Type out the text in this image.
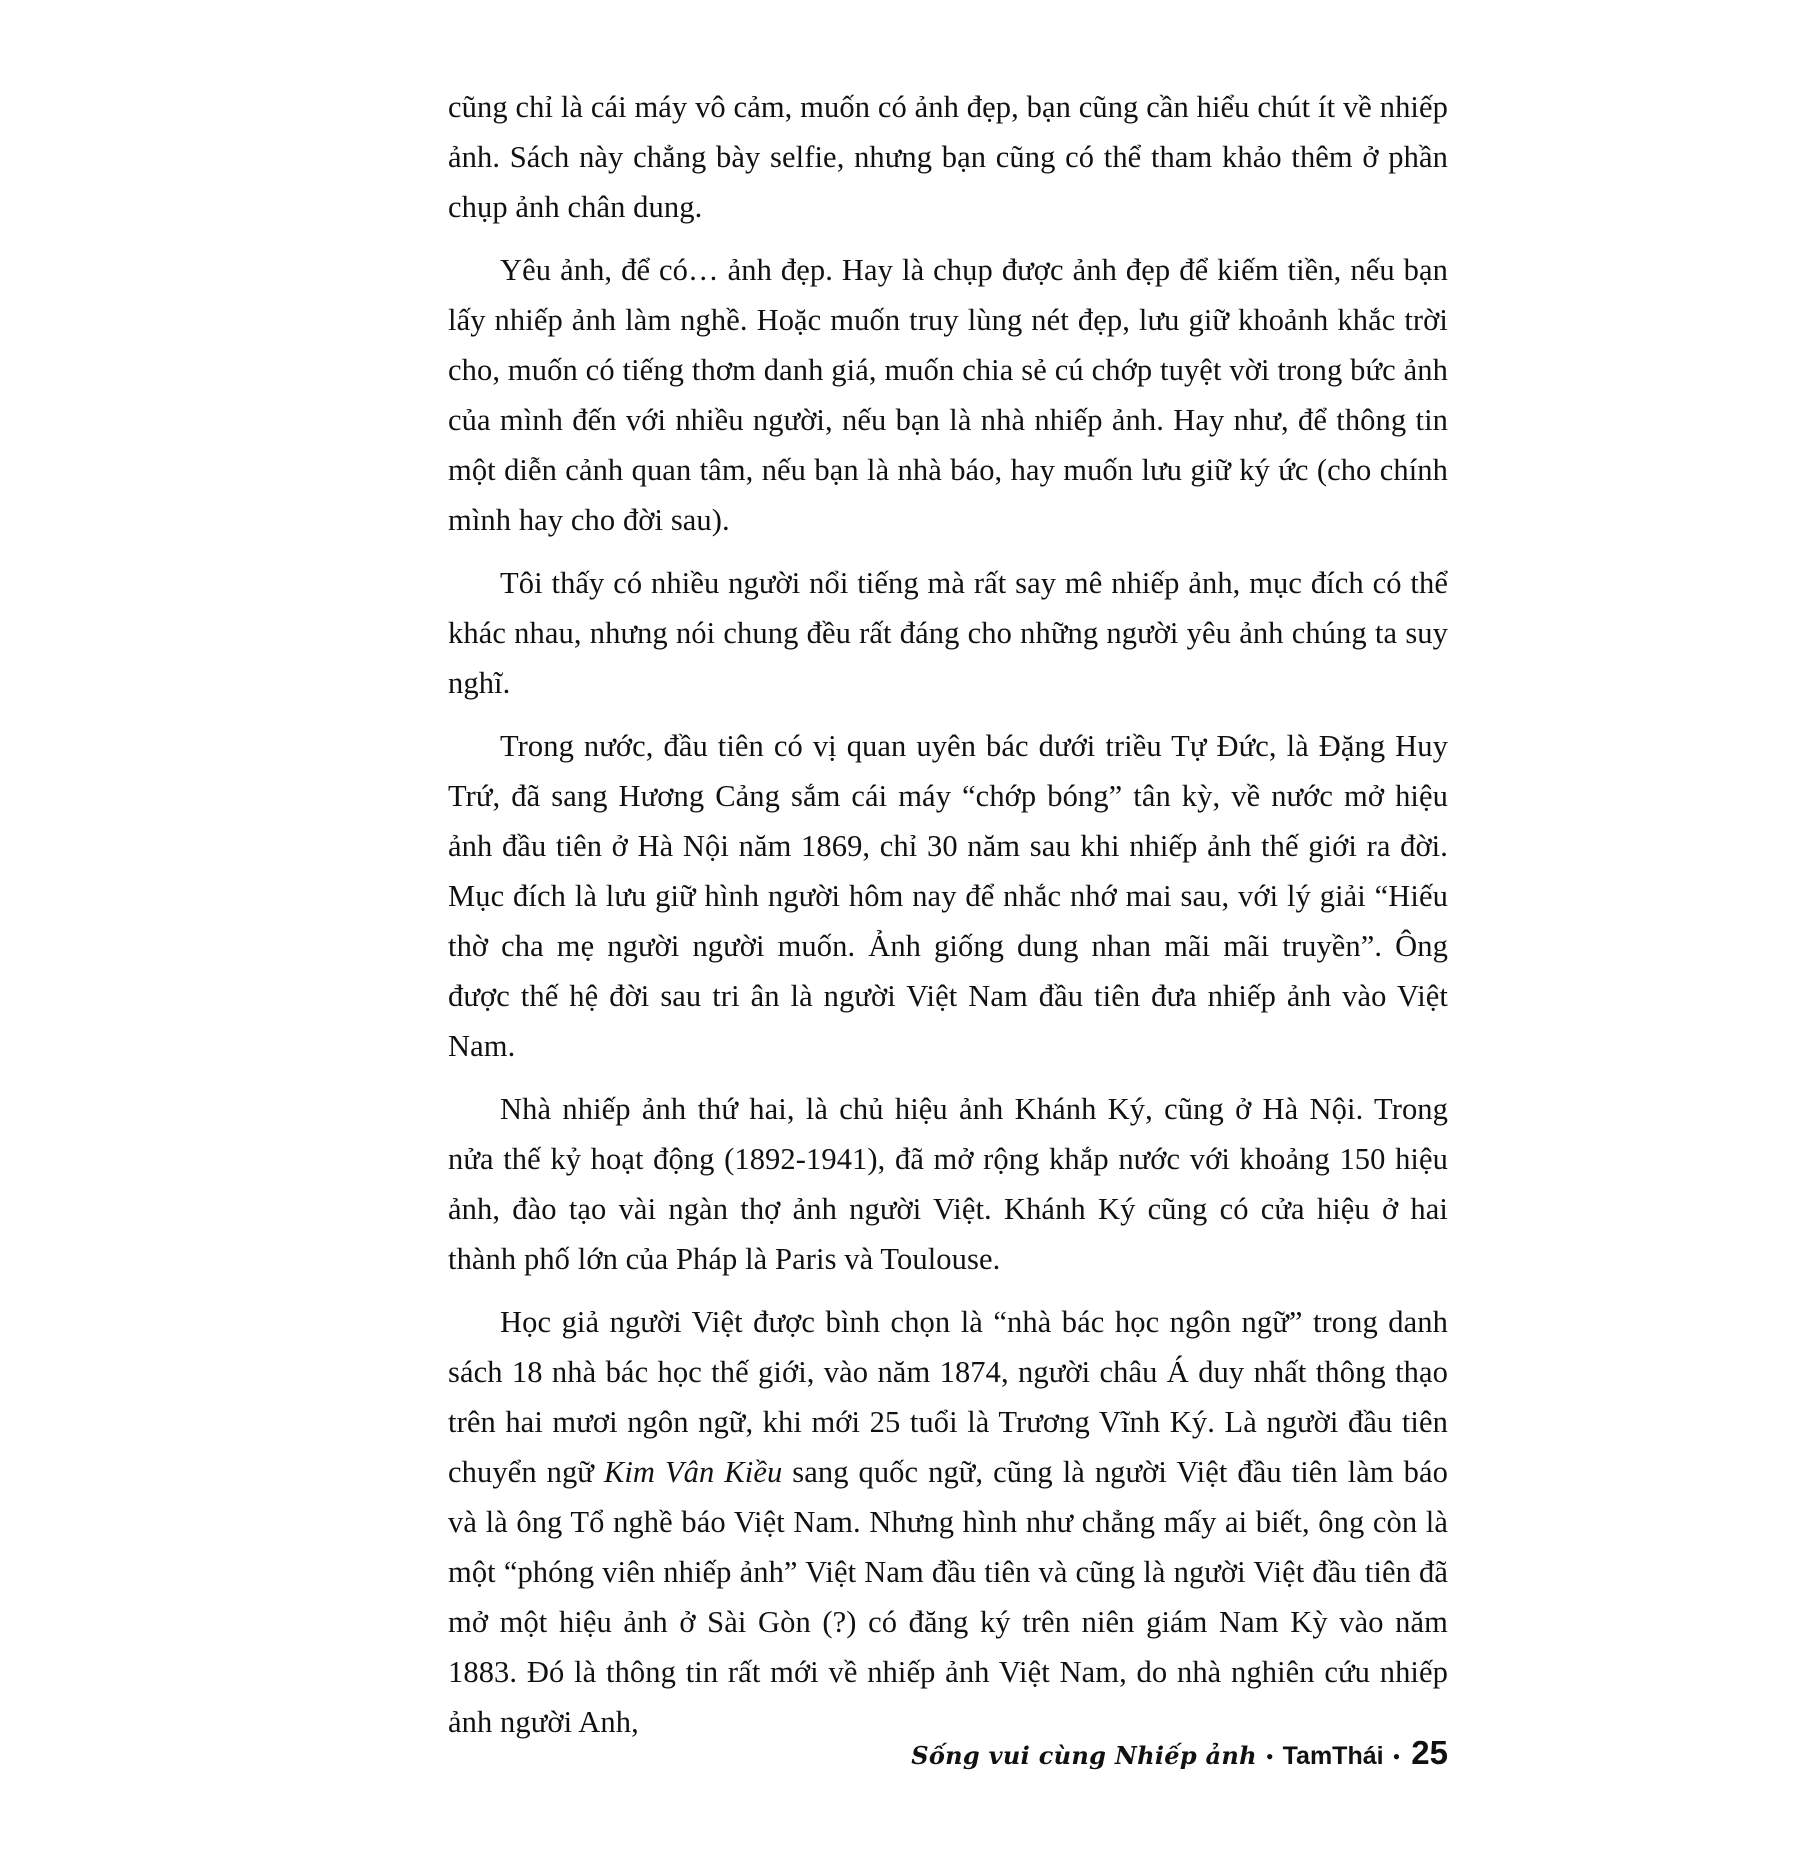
cũng chỉ là cái máy vô cảm, muốn có ảnh đẹp, bạn cũng cần hiểu chút ít về nhiếp ảnh. Sách này chẳng bày selfie, nhưng bạn cũng có thể tham khảo thêm ở phần chụp ảnh chân dung.

Yêu ảnh, để có… ảnh đẹp. Hay là chụp được ảnh đẹp để kiếm tiền, nếu bạn lấy nhiếp ảnh làm nghề. Hoặc muốn truy lùng nét đẹp, lưu giữ khoảnh khắc trời cho, muốn có tiếng thơm danh giá, muốn chia sẻ cú chớp tuyệt vời trong bức ảnh của mình đến với nhiều người, nếu bạn là nhà nhiếp ảnh. Hay như, để thông tin một diễn cảnh quan tâm, nếu bạn là nhà báo, hay muốn lưu giữ ký ức (cho chính mình hay cho đời sau).

Tôi thấy có nhiều người nổi tiếng mà rất say mê nhiếp ảnh, mục đích có thể khác nhau, nhưng nói chung đều rất đáng cho những người yêu ảnh chúng ta suy nghĩ.

Trong nước, đầu tiên có vị quan uyên bác dưới triều Tự Đức, là Đặng Huy Trứ, đã sang Hương Cảng sắm cái máy “chớp bóng” tân kỳ, về nước mở hiệu ảnh đầu tiên ở Hà Nội năm 1869, chỉ 30 năm sau khi nhiếp ảnh thế giới ra đời. Mục đích là lưu giữ hình người hôm nay để nhắc nhớ mai sau, với lý giải “Hiếu thờ cha mẹ người người muốn. Ảnh giống dung nhan mãi mãi truyền”. Ông được thế hệ đời sau tri ân là người Việt Nam đầu tiên đưa nhiếp ảnh vào Việt Nam.

Nhà nhiếp ảnh thứ hai, là chủ hiệu ảnh Khánh Ký, cũng ở Hà Nội. Trong nửa thế kỷ hoạt động (1892-1941), đã mở rộng khắp nước với khoảng 150 hiệu ảnh, đào tạo vài ngàn thợ ảnh người Việt. Khánh Ký cũng có cửa hiệu ở hai thành phố lớn của Pháp là Paris và Toulouse.

Học giả người Việt được bình chọn là “nhà bác học ngôn ngữ” trong danh sách 18 nhà bác học thế giới, vào năm 1874, người châu Á duy nhất thông thạo trên hai mươi ngôn ngữ, khi mới 25 tuổi là Trương Vĩnh Ký. Là người đầu tiên chuyển ngữ Kim Vân Kiều sang quốc ngữ, cũng là người Việt đầu tiên làm báo và là ông Tổ nghề báo Việt Nam. Nhưng hình như chẳng mấy ai biết, ông còn là một “phóng viên nhiếp ảnh” Việt Nam đầu tiên và cũng là người Việt đầu tiên đã mở một hiệu ảnh ở Sài Gòn (?) có đăng ký trên niên giám Nam Kỳ vào năm 1883. Đó là thông tin rất mới về nhiếp ảnh Việt Nam, do nhà nghiên cứu nhiếp ảnh người Anh,

Sống vui cùng Nhiếp ảnh • TamThái • 25
